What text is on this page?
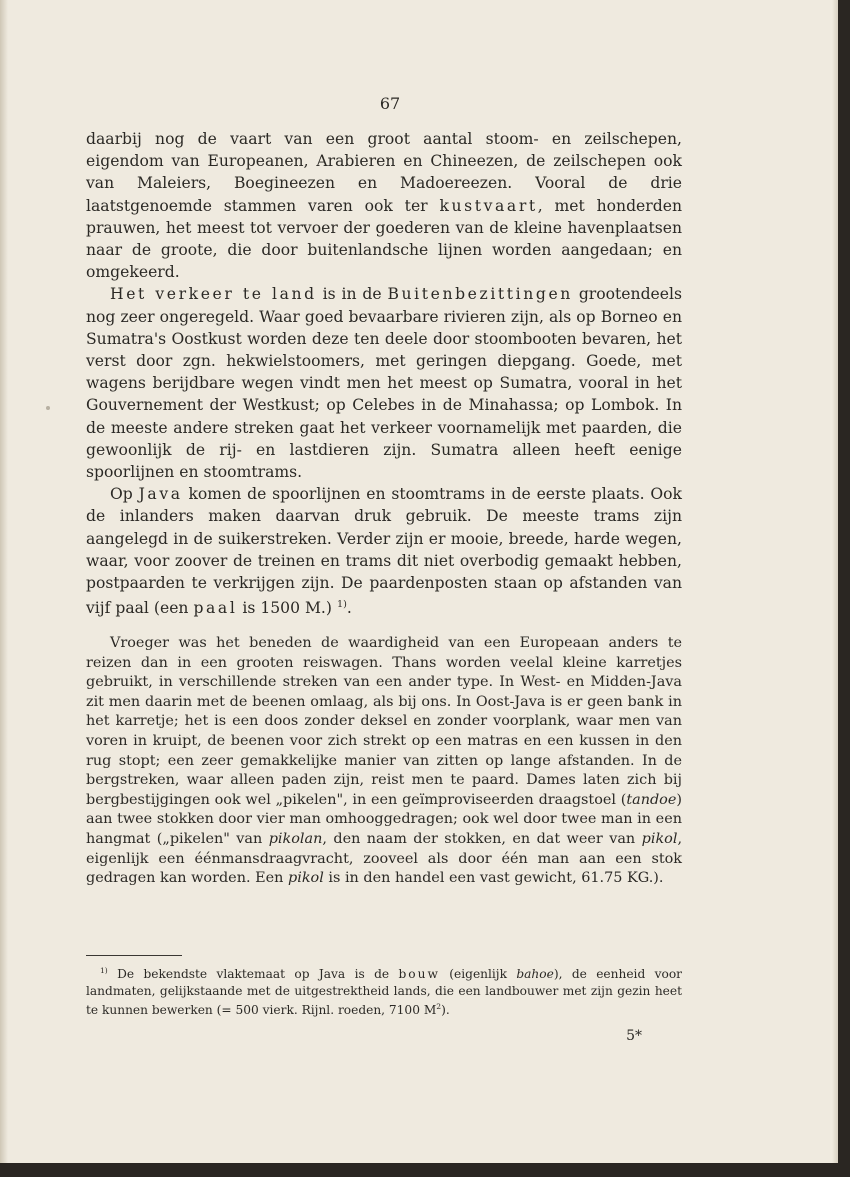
67

daarbij nog de vaart van een groot aantal stoom- en zeilschepen, eigendom van Europeanen, Arabieren en Chineezen, de zeilschepen ook van Maleiers, Boegineezen en Madoereezen. Vooral de drie laatstgenoemde stammen varen ook ter kustvaart, met honderden prauwen, het meest tot vervoer der goederen van de kleine havenplaatsen naar de groote, die door buitenlandsche lijnen worden aangedaan; en omgekeerd.

Het verkeer te land is in de Buitenbezittingen grootendeels nog zeer ongeregeld. Waar goed bevaarbare rivieren zijn, als op Borneo en Sumatra's Oostkust worden deze ten deele door stoombooten bevaren, het verst door zgn. hekwielstoomers, met geringen diepgang. Goede, met wagens berijdbare wegen vindt men het meest op Sumatra, vooral in het Gouvernement der Westkust; op Celebes in de Minahassa; op Lombok. In de meeste andere streken gaat het verkeer voornamelijk met paarden, die gewoonlijk de rij- en lastdieren zijn. Sumatra alleen heeft eenige spoorlijnen en stoomtrams.

Op Java komen de spoorlijnen en stoomtrams in de eerste plaats. Ook de inlanders maken daarvan druk gebruik. De meeste trams zijn aangelegd in de suikerstreken. Verder zijn er mooie, breede, harde wegen, waar, voor zoover de treinen en trams dit niet overbodig gemaakt hebben, postpaarden te verkrijgen zijn. De paardenposten staan op afstanden van vijf paal (een paal is 1500 M.) $^{1)}$.

Vroeger was het beneden de waardigheid van een Europeaan anders te reizen dan in een grooten reiswagen. Thans worden veelal kleine karretjes gebruikt, in verschillende streken van een ander type. In West- en Midden-Java zit men daarin met de beenen omlaag, als bij ons. In Oost-Java is er geen bank in het karretje; het is een doos zonder deksel en zonder voorplank, waar men van voren in kruipt, de beenen voor zich strekt op een matras en een kussen in den rug stopt; een zeer gemakkelijke manier van zitten op lange afstanden. In de bergstreken, waar alleen paden zijn, reist men te paard. Dames laten zich bij bergbestijgingen ook wel „pikelen", in een geïmproviseerden draagstoel (tandoe) aan twee stokken door vier man omhooggedragen; ook wel door twee man in een hangmat („pikelen" van pikolan, den naam der stokken, en dat weer van pikol, eigenlijk een éénmansdraagvracht, zooveel als door één man aan een stok gedragen kan worden. Een pikol is in den handel een vast gewicht, 61.75 KG.).

$^{1)}$ De bekendste vlaktemaat op Java is de bouw (eigenlijk bahoe), de eenheid voor landmaten, gelijkstaande met de uitgestrektheid lands, die een landbouwer met zijn gezin heet te kunnen bewerken (= 500 vierk. Rijnl. roeden, 7100 $M^2$).
5*
